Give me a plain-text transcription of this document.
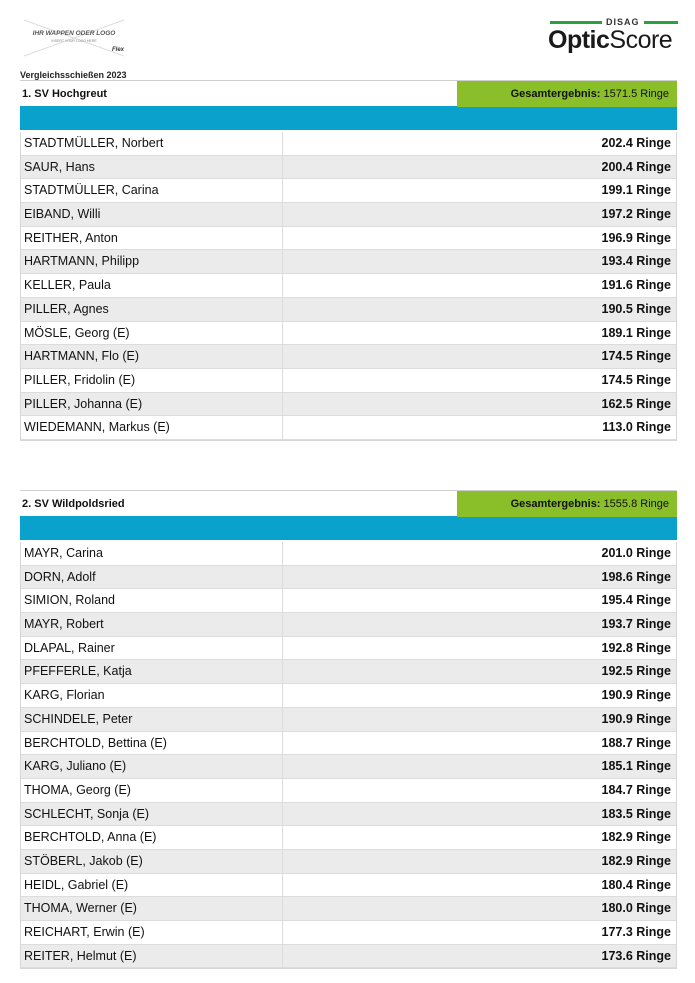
IHR WAPPEN ODER LOGO
INSERT YOUR LOGO HERE
Flex
DISAG
OpticScore
Vergleichsschießen 2023
1. SV Hochgreut	Gesamtergebnis: 1571.5 Ringe
STADTMÜLLER, Norbert	202.4 Ringe
SAUR, Hans	200.4 Ringe
STADTMÜLLER, Carina	199.1 Ringe
EIBAND, Willi	197.2 Ringe
REITHER, Anton	196.9 Ringe
HARTMANN, Philipp	193.4 Ringe
KELLER, Paula	191.6 Ringe
PILLER, Agnes	190.5 Ringe
MÖSLE, Georg (E)	189.1 Ringe
HARTMANN, Flo (E)	174.5 Ringe
PILLER, Fridolin (E)	174.5 Ringe
PILLER, Johanna (E)	162.5 Ringe
WIEDEMANN, Markus (E)	113.0 Ringe
2. SV Wildpoldsried	Gesamtergebnis: 1555.8 Ringe
MAYR, Carina	201.0 Ringe
DORN, Adolf	198.6 Ringe
SIMION, Roland	195.4 Ringe
MAYR, Robert	193.7 Ringe
DLAPAL, Rainer	192.8 Ringe
PFEFFERLE, Katja	192.5 Ringe
KARG, Florian	190.9 Ringe
SCHINDELE, Peter	190.9 Ringe
BERCHTOLD, Bettina (E)	188.7 Ringe
KARG, Juliano (E)	185.1 Ringe
THOMA, Georg (E)	184.7 Ringe
SCHLECHT, Sonja (E)	183.5 Ringe
BERCHTOLD, Anna (E)	182.9 Ringe
STÖBERL, Jakob (E)	182.9 Ringe
HEIDL, Gabriel (E)	180.4 Ringe
THOMA, Werner (E)	180.0 Ringe
REICHART, Erwin (E)	177.3 Ringe
REITER, Helmut (E)	173.6 Ringe
